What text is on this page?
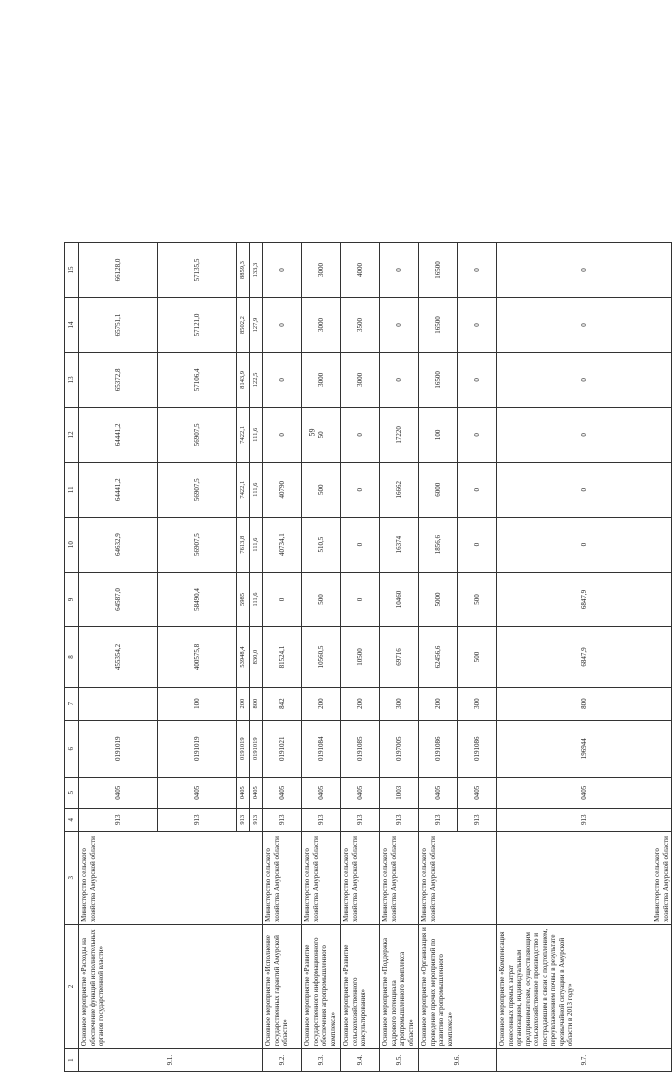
59
1	2	3	4	5	6	7	8	9	10	11	12	13	14	15
9.1.	Основное мероприятие «Расходы на обеспечение функций исполнительных органов государственной власти»	Министерство сельского хозяйства Амурской области	913	0405	0191019		455354,2	64587,0	64632,9	64441,2	64441,2	65372,8	65751,1	66128,0
			913	0405	0191019	100	400575,8	58490,4	56907,5	56907,5	56907,5	57106,4	57121,0	57135,5
			913	0405	0191019	200	53948,4	5985	7613,8	7422,1	7422,1	8143,9	8502,2	8859,3
			913	0405	0191019	800	830,0	111,6	111,6	111,6	111,6	122,5	127,9	133,3
9.2.	Основное мероприятие «Исполнение государственных гарантий Амурской области»	Министерство сельского хозяйства Амурской области	913	0405	0191021	842	81524,1	0	40734,1	40790	0	0	0	0
9.3.	Основное мероприятие «Развитие государственного информационного обеспечения агропромышленного комплекса»	Министерство сельского хозяйства Амурской области	913	0405	0191084	200	10560,5	500	510,5	500	50	3000	3000	3000
9.4.	Основное мероприятие «Развитие сельскохозяйственного консультирования»	Министерство сельского хозяйства Амурской области	913	0405	0191085	200	10500	0	0	0	0	3000	3500	4000
9.5.	Основное мероприятие «Поддержка кадрового потенциала агропромышленного комплекса области»	Министерство сельского хозяйства Амурской области	913	1003	0197005	300	69716	10460	16374	16662	17220	0	0	0
9.6.	Основное мероприятие «Организация и проведение прочих мероприятий по развитию агропромышленного комплекса»	Министерство сельского хозяйства Амурской области	913	0405	0191086	200	62456,6	5000	1856,6	6000	100	16500	16500	16500
			913	0405	0191086	300	500	500	0	0	0	0	0	0
9.7.	Основное мероприятие «Компенсация понесенных прямых затрат организациям, индивидуальным предпринимателям, осуществляющим сельскохозяйственное производство и пострадавшим в связи с подтоплением, переувлажнением почвы в результате чрезвычайной ситуации в Амурской области в 2013 году»	Министерство сельского хозяйства Амурской области	913	0405	196944	800	6847,9	6847,9	0	0	0	0	0	0
